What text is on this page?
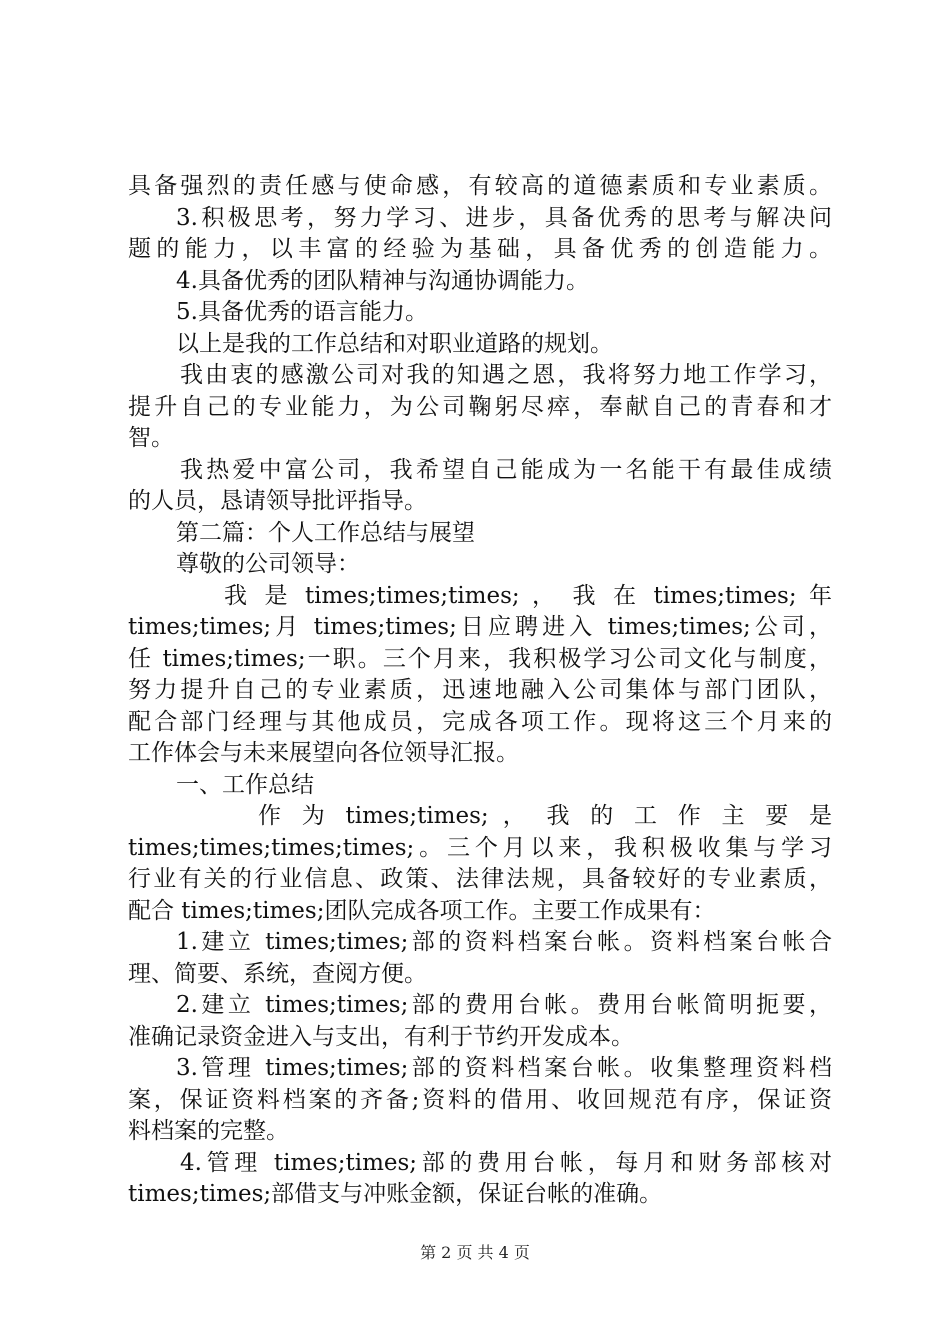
具备强烈的责任感与使命感，有较高的道德素质和专业素质。
3.积极思考，努力学习、进步，具备优秀的思考与解决问
题的能力，以丰富的经验为基础，具备优秀的创造能力。
4.具备优秀的团队精神与沟通协调能力。
5.具备优秀的语言能力。
以上是我的工作总结和对职业道路的规划。
我由衷的感激公司对我的知遇之恩，我将努力地工作学习，
提升自己的专业能力，为公司鞠躬尽瘁，奉献自己的青春和才
智。
我热爱中富公司，我希望自己能成为一名能干有最佳成绩
的人员，恳请领导批评指导。
第二篇：个人工作总结与展望
尊敬的公司领导：
我 是 times;times;times; ， 我 在 times;times; 年
times;times;月 times;times;日应聘进入 times;times;公司，
任 times;times;一职。三个月来，我积极学习公司文化与制度，
努力提升自己的专业素质，迅速地融入公司集体与部门团队，
配合部门经理与其他成员，完成各项工作。现将这三个月来的
工作体会与未来展望向各位领导汇报。
一、工作总结
作 为 times;times; ， 我 的 工 作 主 要 是
times;times;times;times;。三个月以来，我积极收集与学习
行业有关的行业信息、政策、法律法规，具备较好的专业素质，
配合 times;times;团队完成各项工作。主要工作成果有：
1.建立 times;times;部的资料档案台帐。资料档案台帐合
理、简要、系统，查阅方便。
2.建立 times;times;部的费用台帐。费用台帐简明扼要，
准确记录资金进入与支出，有利于节约开发成本。
3.管理 times;times;部的资料档案台帐。收集整理资料档
案，保证资料档案的齐备;资料的借用、收回规范有序，保证资
料档案的完整。
4.管理 times;times;部的费用台帐，每月和财务部核对
times;times;部借支与冲账金额，保证台帐的准确。
第 2 页 共 4 页
